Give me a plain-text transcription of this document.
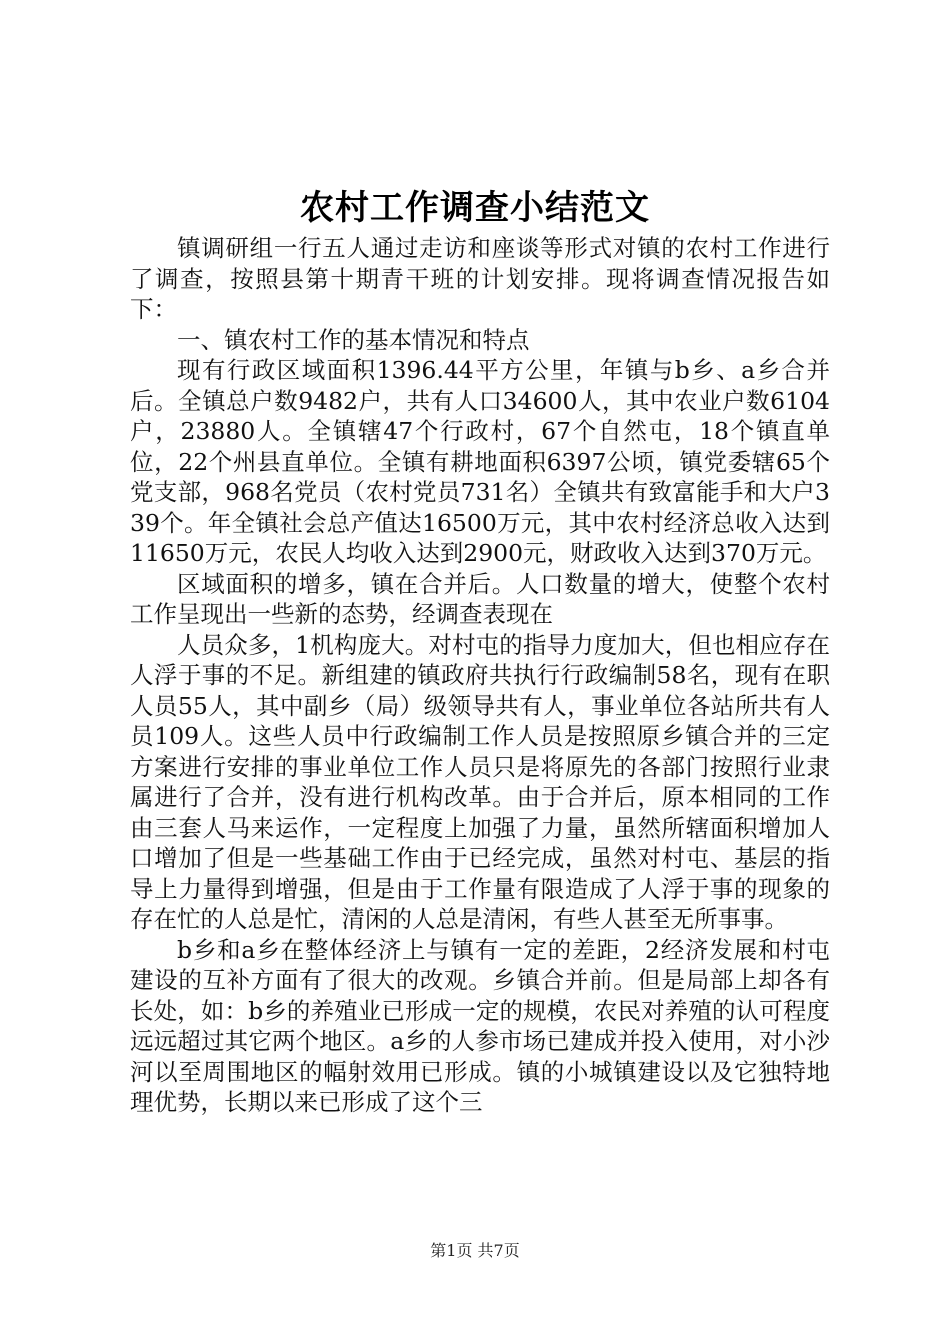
农村工作调查小结范文

镇调研组一行五人通过走访和座谈等形式对镇的农村工作进行了调查，按照县第十期青干班的计划安排。现将调查情况报告如下：

一、镇农村工作的基本情况和特点

现有行政区域面积1396.44平方公里，年镇与b乡、a乡合并后。全镇总户数9482户，共有人口34600人，其中农业户数6104户，23880人。全镇辖47个行政村，67个自然屯，18个镇直单位，22个州县直单位。全镇有耕地面积6397公顷，镇党委辖65个党支部，968名党员（农村党员731名）全镇共有致富能手和大户339个。年全镇社会总产值达16500万元，其中农村经济总收入达到11650万元，农民人均收入达到2900元，财政收入达到370万元。

区域面积的增多，镇在合并后。人口数量的增大，使整个农村工作呈现出一些新的态势，经调查表现在

人员众多，1机构庞大。对村屯的指导力度加大，但也相应存在人浮于事的不足。新组建的镇政府共执行行政编制58名，现有在职人员55人，其中副乡（局）级领导共有人，事业单位各站所共有人员109人。这些人员中行政编制工作人员是按照原乡镇合并的三定方案进行安排的事业单位工作人员只是将原先的各部门按照行业隶属进行了合并，没有进行机构改革。由于合并后，原本相同的工作由三套人马来运作，一定程度上加强了力量，虽然所辖面积增加人口增加了但是一些基础工作由于已经完成，虽然对村屯、基层的指导上力量得到增强，但是由于工作量有限造成了人浮于事的现象的存在忙的人总是忙，清闲的人总是清闲，有些人甚至无所事事。

b乡和a乡在整体经济上与镇有一定的差距，2经济发展和村屯建设的互补方面有了很大的改观。乡镇合并前。但是局部上却各有长处，如：b乡的养殖业已形成一定的规模，农民对养殖的认可程度远远超过其它两个地区。a乡的人参市场已建成并投入使用，对小沙河以至周围地区的幅射效用已形成。镇的小城镇建设以及它独特地理优势，长期以来已形成了这个三

第1页 共7页
